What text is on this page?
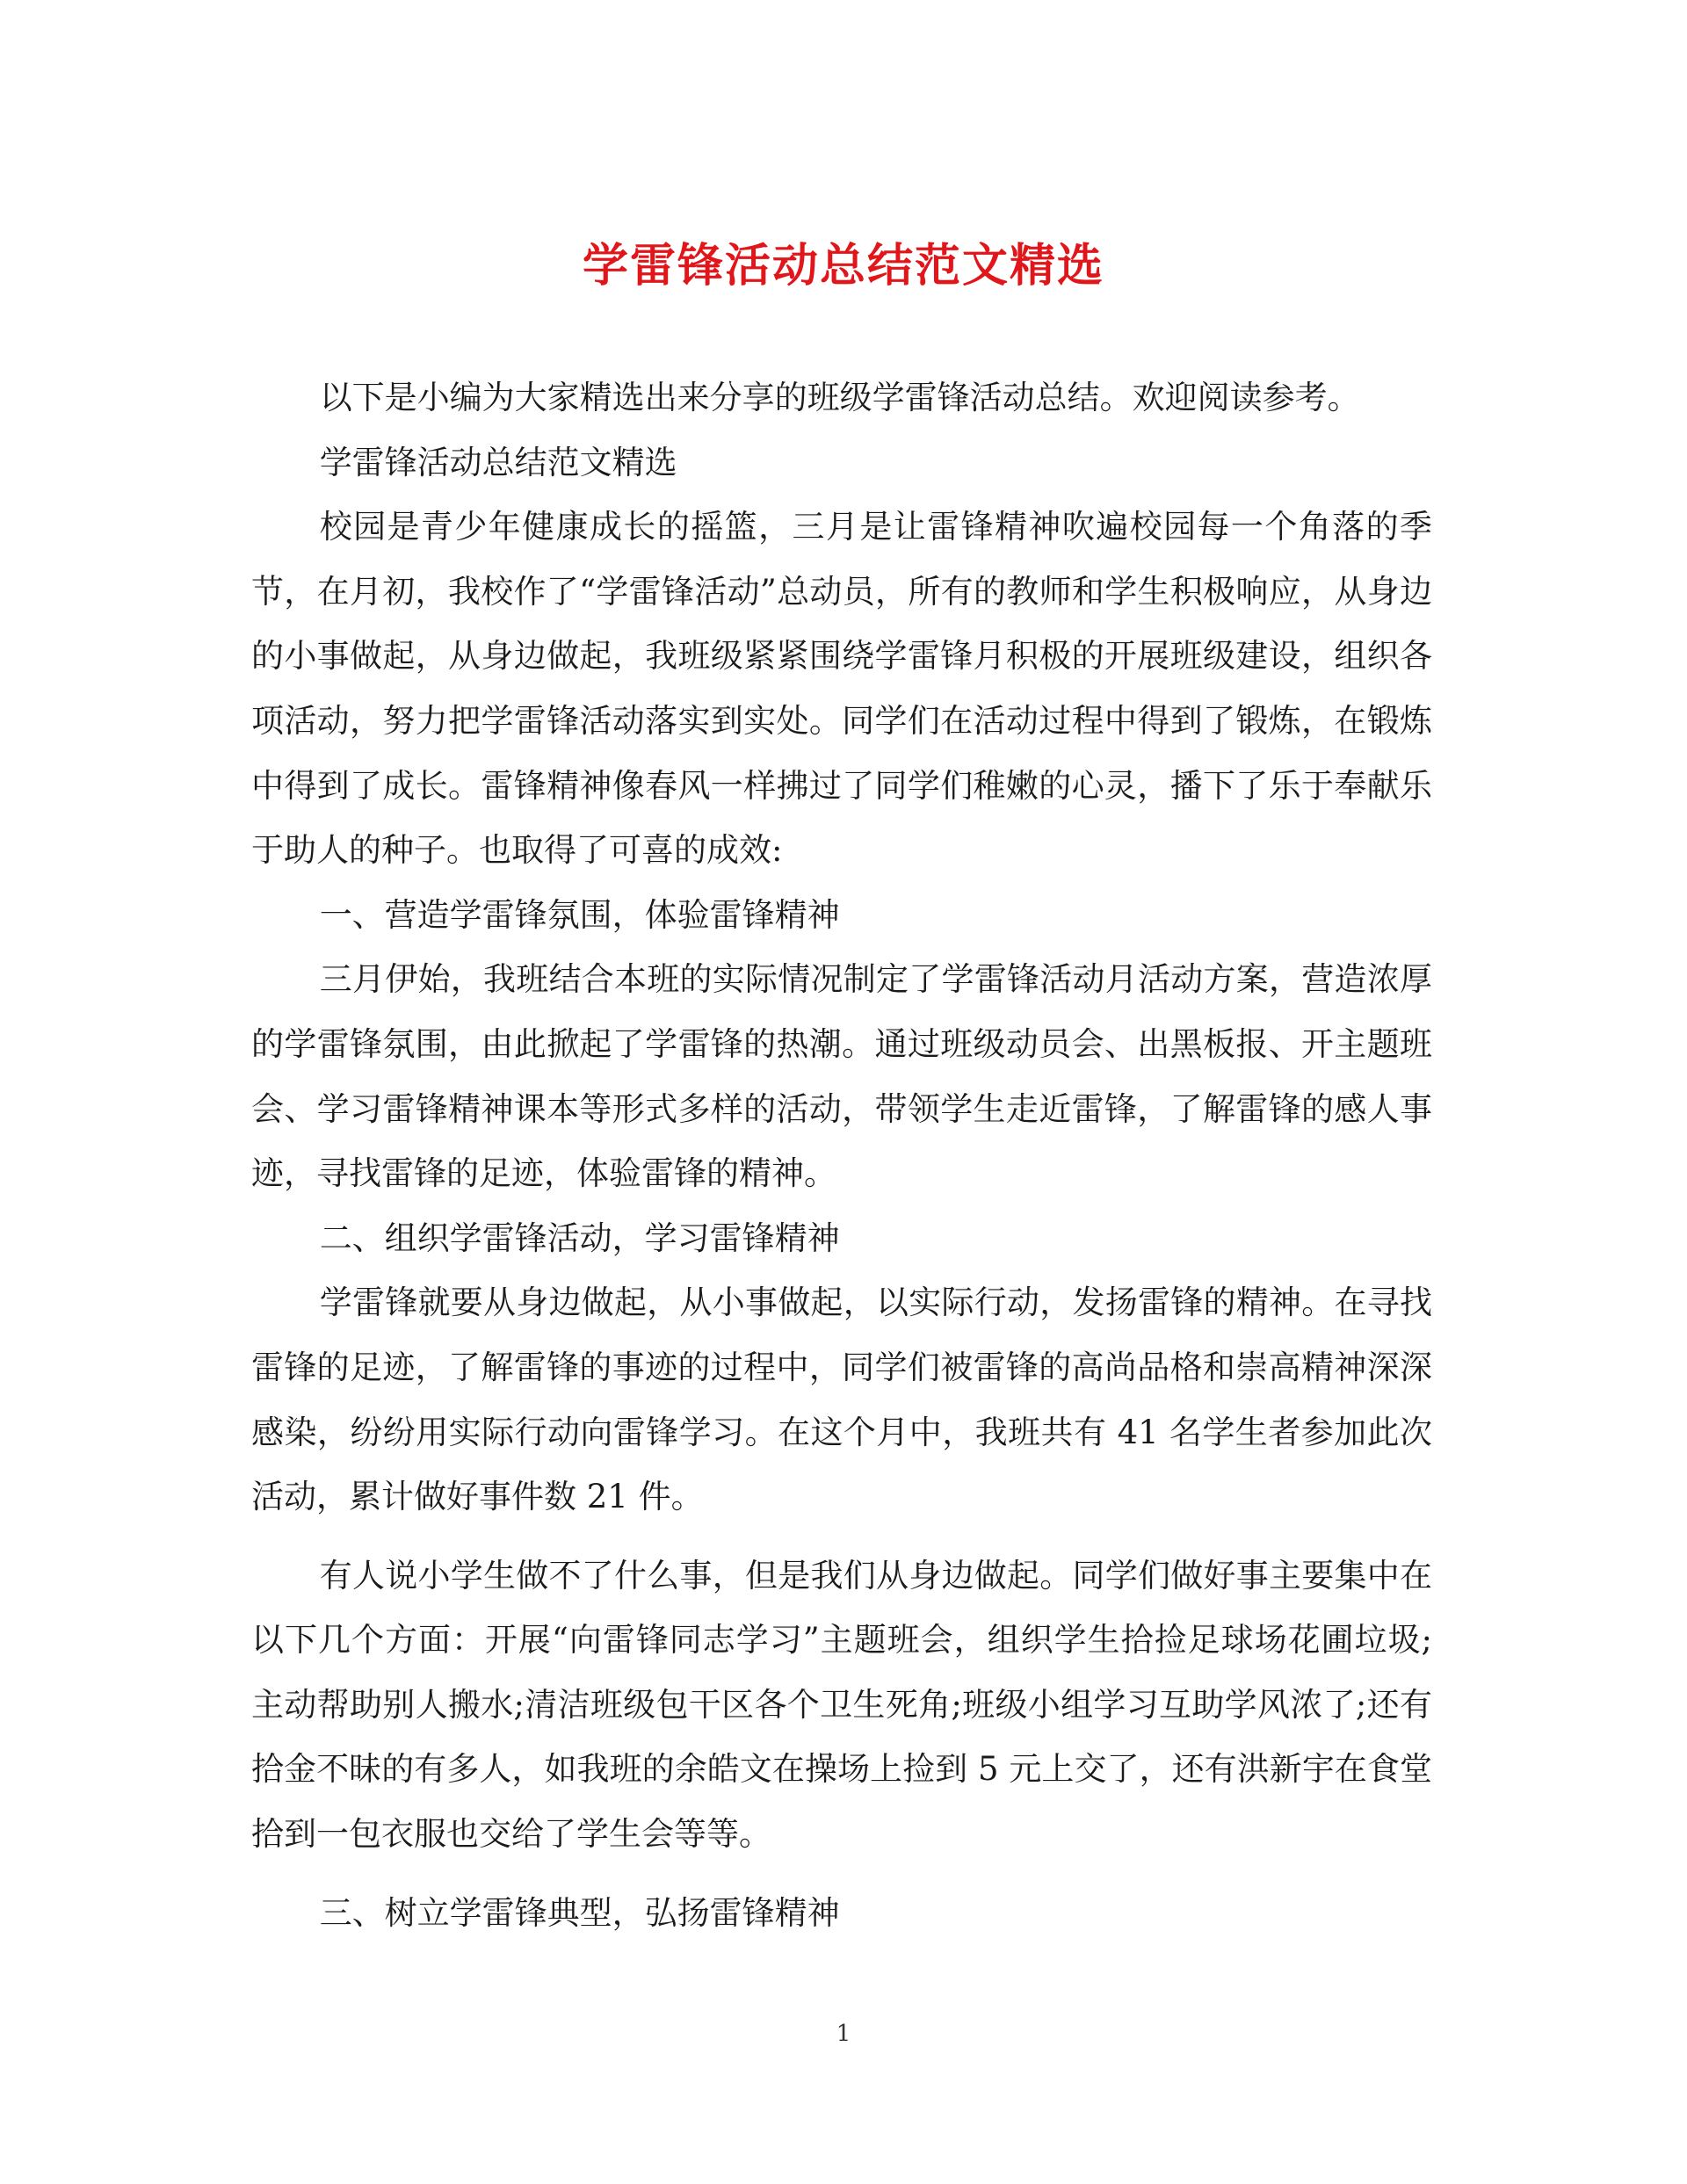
学雷锋活动总结范文精选

以下是小编为大家精选出来分享的班级学雷锋活动总结。欢迎阅读参考。

学雷锋活动总结范文精选

校园是青少年健康成长的摇篮，三月是让雷锋精神吹遍校园每一个角落的季节，在月初，我校作了“学雷锋活动”总动员，所有的教师和学生积极响应，从身边的小事做起，从身边做起，我班级紧紧围绕学雷锋月积极的开展班级建设，组织各项活动，努力把学雷锋活动落实到实处。同学们在活动过程中得到了锻炼，在锻炼中得到了成长。雷锋精神像春风一样拂过了同学们稚嫩的心灵，播下了乐于奉献乐于助人的种子。也取得了可喜的成效:

一、营造学雷锋氛围，体验雷锋精神

三月伊始，我班结合本班的实际情况制定了学雷锋活动月活动方案，营造浓厚的学雷锋氛围，由此掀起了学雷锋的热潮。通过班级动员会、出黑板报、开主题班会、学习雷锋精神课本等形式多样的活动，带领学生走近雷锋，了解雷锋的感人事迹，寻找雷锋的足迹，体验雷锋的精神。

二、组织学雷锋活动，学习雷锋精神

学雷锋就要从身边做起，从小事做起，以实际行动，发扬雷锋的精神。在寻找雷锋的足迹，了解雷锋的事迹的过程中，同学们被雷锋的高尚品格和崇高精神深深感染，纷纷用实际行动向雷锋学习。在这个月中，我班共有 41 名学生者参加此次活动，累计做好事件数 21 件。

有人说小学生做不了什么事，但是我们从身边做起。同学们做好事主要集中在以下几个方面：开展“向雷锋同志学习”主题班会，组织学生拾捡足球场花圃垃圾;主动帮助别人搬水;清洁班级包干区各个卫生死角;班级小组学习互助学风浓了;还有拾金不昧的有多人，如我班的余皓文在操场上捡到 5 元上交了，还有洪新宇在食堂拾到一包衣服也交给了学生会等等。

三、树立学雷锋典型，弘扬雷锋精神

1
